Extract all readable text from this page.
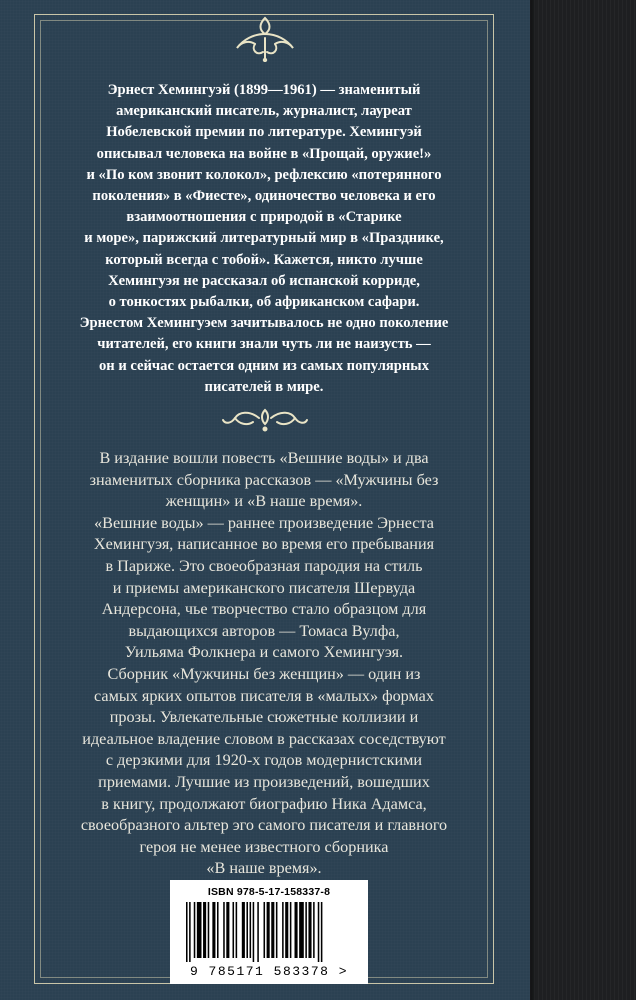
Эрнест Хемингуэй (1899—1961) — знаменитый
американский писатель, журналист, лауреат
Нобелевской премии по литературе. Хемингуэй
описывал человека на войне в «Прощай, оружие!»
и «По ком звонит колокол», рефлексию «потерянного
поколения» в «Фиесте», одиночество человека и его
взаимоотношения с природой в «Старике
и море», парижский литературный мир в «Празднике,
который всегда с тобой». Кажется, никто лучше
Хемингуэя не рассказал об испанской корриде,
о тонкостях рыбалки, об африканском сафари.
Эрнестом Хемингуэем зачитывалось не одно поколение
читателей, его книги знали чуть ли не наизусть —
он и сейчас остается одним из самых популярных
писателей в мире.

В издание вошли повесть «Вешние воды» и два
знаменитых сборника рассказов — «Мужчины без
женщин» и «В наше время».

«Вешние воды» — раннее произведение Эрнеста
Хемингуэя, написанное во время его пребывания
в Париже. Это своеобразная пародия на стиль
и приемы американского писателя Шервуда
Андерсона, чье творчество стало образцом для
выдающихся авторов — Томаса Вулфа,
Уильяма Фолкнера и самого Хемингуэя.

Сборник «Мужчины без женщин» — один из
самых ярких опытов писателя в «малых» формах
прозы. Увлекательные сюжетные коллизии и
идеальное владение словом в рассказах соседствуют
с дерзкими для 1920-х годов модернистскими
приемами. Лучшие из произведений, вошедших
в книгу, продолжают биографию Ника Адамса,
своеобразного альтер эго самого писателя и главного
героя не менее известного сборника
«В наше время».

ISBN 978-5-17-158337-8
9 785171 583378 >
